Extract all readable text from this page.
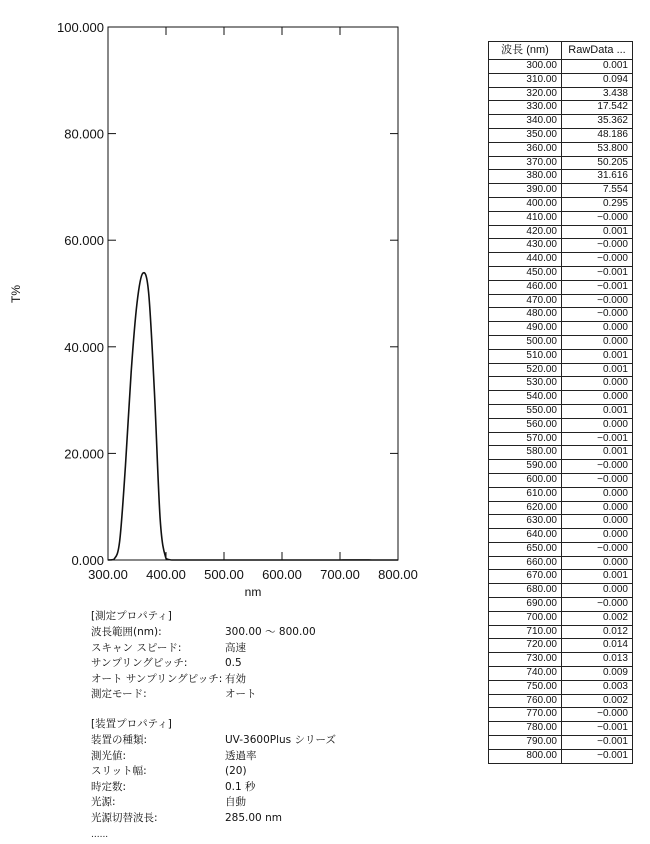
0.000
20.000
40.000
60.000
80.000
100.000
300.00 400.00 500.00 600.00 700.00 800.00
nm
T%
波長 (nm)	RawData ...
300.00	0.001
310.00	0.094
320.00	3.438
330.00	17.542
340.00	35.362
350.00	48.186
360.00	53.800
370.00	50.205
380.00	31.616
390.00	7.554
400.00	0.295
410.00	−0.000
420.00	0.001
430.00	−0.000
440.00	−0.000
450.00	−0.001
460.00	−0.001
470.00	−0.000
480.00	−0.000
490.00	0.000
500.00	0.000
510.00	0.001
520.00	0.001
530.00	0.000
540.00	0.000
550.00	0.001
560.00	0.000
570.00	−0.001
580.00	0.001
590.00	−0.000
600.00	−0.000
610.00	0.000
620.00	0.000
630.00	0.000
640.00	0.000
650.00	−0.000
660.00	0.000
670.00	0.001
680.00	0.000
690.00	−0.000
700.00	0.002
710.00	0.012
720.00	0.014
730.00	0.013
740.00	0.009
750.00	0.003
760.00	0.002
770.00	−0.000
780.00	−0.001
790.00	−0.001
800.00	−0.001
[測定プロパティ]
波長範囲(nm):	300.00 ～ 800.00
スキャン スピード:	高速
サンプリングピッチ:	0.5
オート サンプリングピッチ: 有効
測定モード:	オート
[装置プロパティ]
装置の種類:	UV-3600Plus シリーズ
測光値:	透過率
スリット幅:	(20)
時定数:	0.1 秒
光源:	自動
光源切替波長:	285.00 nm
......
